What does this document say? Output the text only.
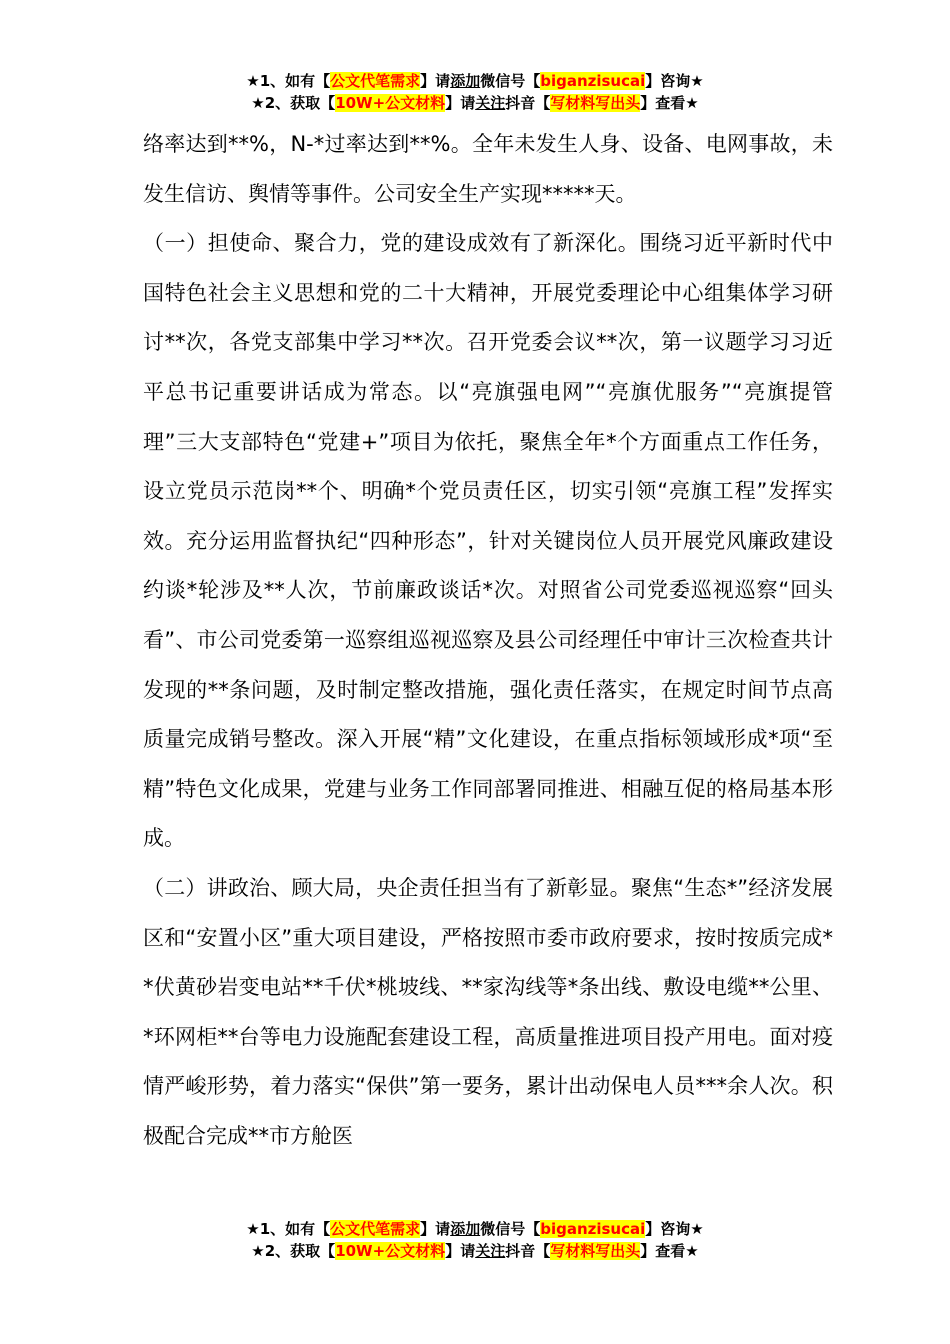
★1、如有【公文代笔需求】请添加微信号【biganzisucai】咨询★
★2、获取【10W+公文材料】请关注抖音【写材料写出头】查看★

络率达到**%，N-*过率达到**%。全年未发生人身、设备、电网事故，未发生信访、舆情等事件。公司安全生产实现*****天。

（一）担使命、聚合力，党的建设成效有了新深化。围绕习近平新时代中国特色社会主义思想和党的二十大精神，开展党委理论中心组集体学习研讨**次，各党支部集中学习**次。召开党委会议**次，第一议题学习习近平总书记重要讲话成为常态。以“亮旗强电网”“亮旗优服务”“亮旗提管理”三大支部特色“党建+”项目为依托，聚焦全年*个方面重点工作任务，设立党员示范岗**个、明确*个党员责任区，切实引领“亮旗工程”发挥实效。充分运用监督执纪“四种形态”，针对关键岗位人员开展党风廉政建设约谈*轮涉及**人次，节前廉政谈话*次。对照省公司党委巡视巡察“回头看”、市公司党委第一巡察组巡视巡察及县公司经理任中审计三次检查共计发现的**条问题，及时制定整改措施，强化责任落实，在规定时间节点高质量完成销号整改。深入开展“精”文化建设，在重点指标领域形成*项“至精”特色文化成果，党建与业务工作同部署同推进、相融互促的格局基本形成。

（二）讲政治、顾大局，央企责任担当有了新彰显。聚焦“生态*”经济发展区和“安置小区”重大项目建设，严格按照市委市政府要求，按时按质完成**伏黄砂岩变电站**千伏*桃坡线、**家沟线等*条出线、敷设电缆**公里、*环网柜**台等电力设施配套建设工程，高质量推进项目投产用电。面对疫情严峻形势，着力落实“保供”第一要务，累计出动保电人员***余人次。积极配合完成**市方舱医

★1、如有【公文代笔需求】请添加微信号【biganzisucai】咨询★
★2、获取【10W+公文材料】请关注抖音【写材料写出头】查看★
